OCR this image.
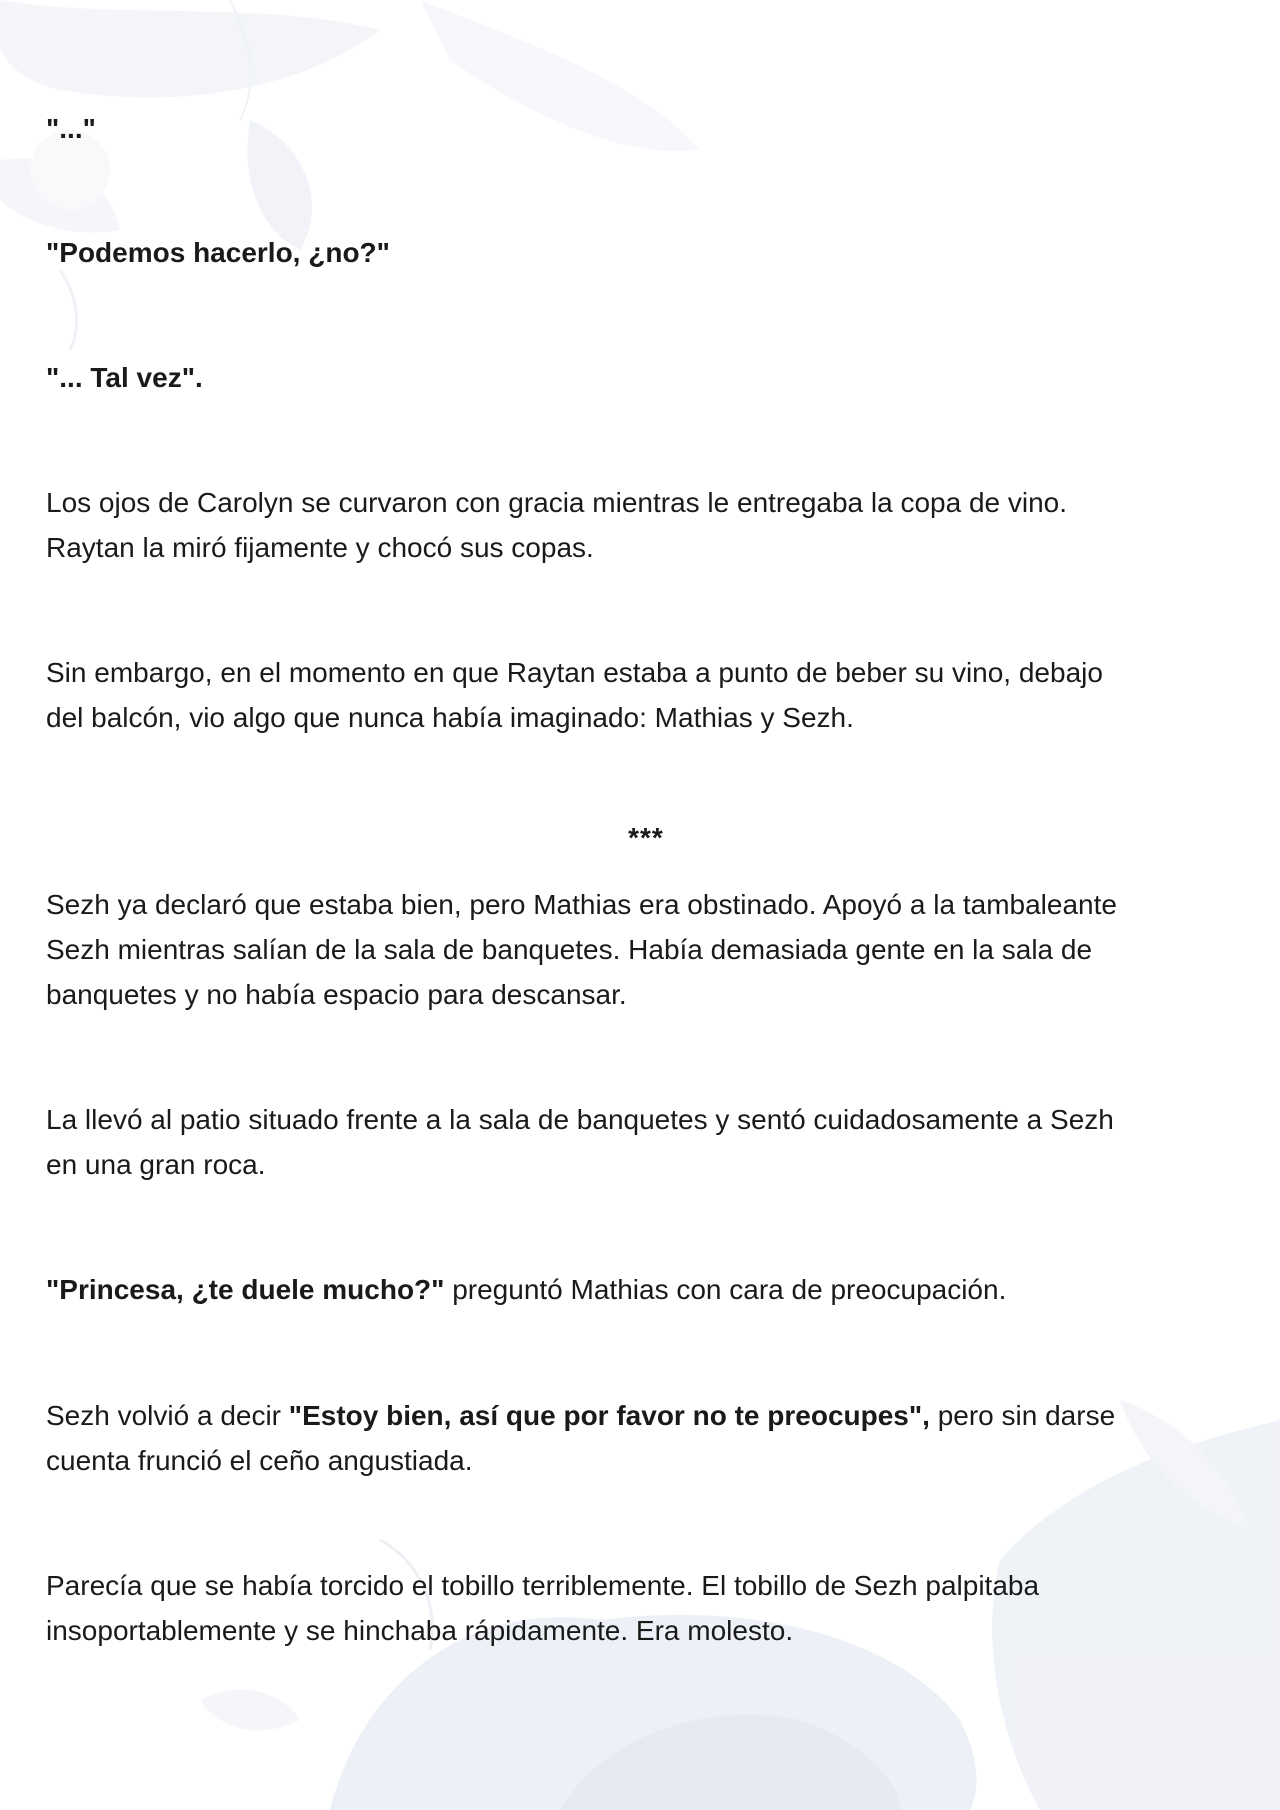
"..."

"Podemos hacerlo, ¿no?"

"... Tal vez".

Los ojos de Carolyn se curvaron con gracia mientras le entregaba la copa de vino.
Raytan la miró fijamente y chocó sus copas.

Sin embargo, en el momento en que Raytan estaba a punto de beber su vino, debajo
del balcón, vio algo que nunca había imaginado: Mathias y Sezh.

***

Sezh ya declaró que estaba bien, pero Mathias era obstinado. Apoyó a la tambaleante
Sezh mientras salían de la sala de banquetes. Había demasiada gente en la sala de
banquetes y no había espacio para descansar.

La llevó al patio situado frente a la sala de banquetes y sentó cuidadosamente a Sezh
en una gran roca.

"Princesa, ¿te duele mucho?" preguntó Mathias con cara de preocupación.

Sezh volvió a decir "Estoy bien, así que por favor no te preocupes", pero sin darse
cuenta frunció el ceño angustiada.

Parecía que se había torcido el tobillo terriblemente. El tobillo de Sezh palpitaba
insoportablemente y se hinchaba rápidamente. Era molesto.
